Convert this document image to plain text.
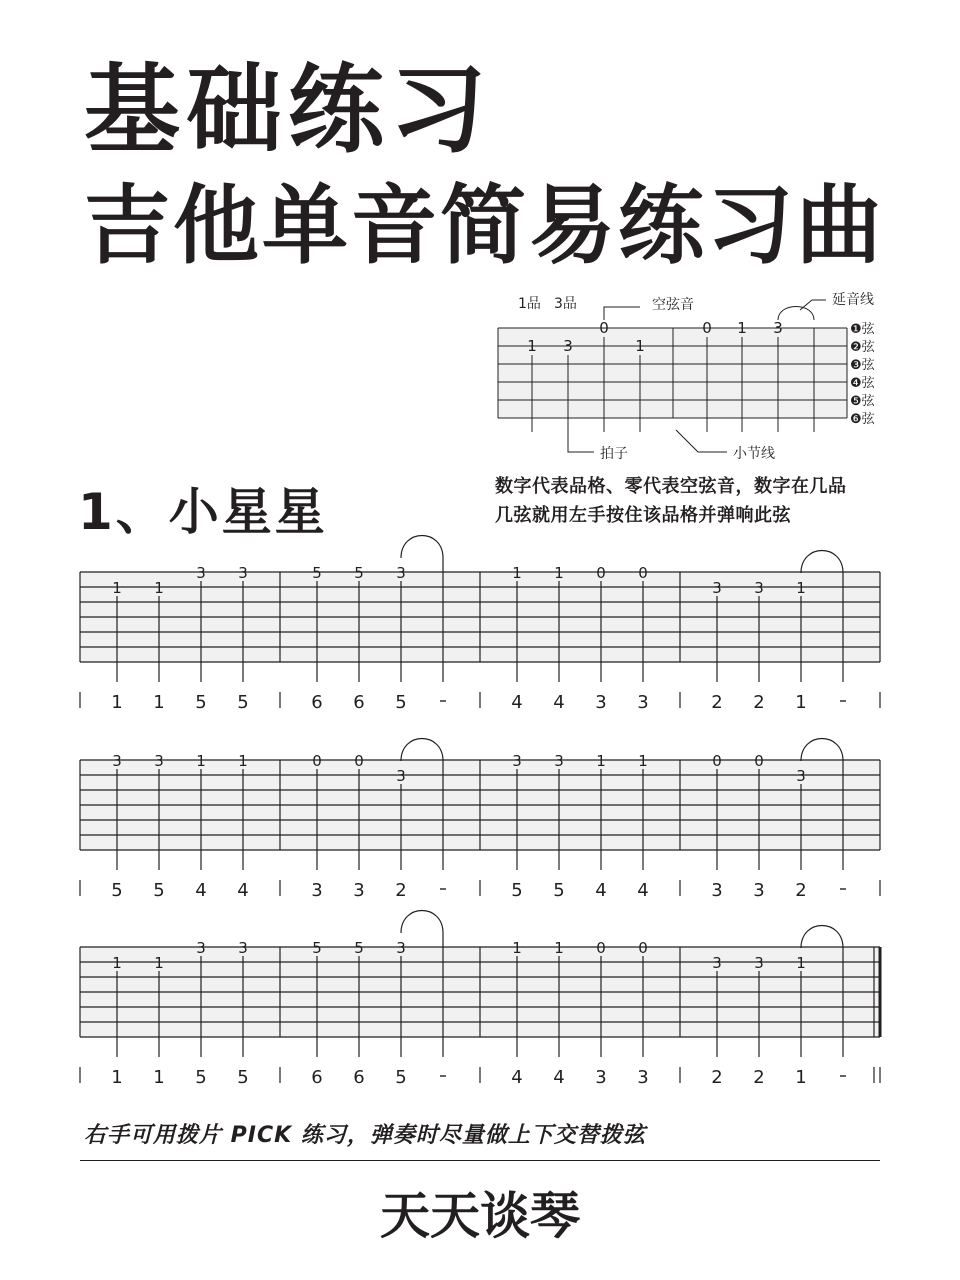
基础练习
吉他单音简易练习曲
1、小星星	数字代表品格、零代表空弦音，数字在几品
几弦就用左手按住该品格并弹响此弦
1 3
0
1
0 1 3
1品 3品	空弦音	延音线
拍子	小节线
❶弦
❷弦
❸弦
❹弦
❺弦
❻弦
1
1
1
1
3
5
3
5
5
6
5
6
3
5 -
1
4
1
4
0
3
0
3
3
2
3
2
1
1 -
3
5
3
5
1
4
1
4
0
3
0
3
3
2 -
3
5
3
5
1
4
1
4
0
3
0
3
3
2 -
1
1
1
1
3
5
3
5
5
6
5
6
3
5 -
1
4
1
4
0
3
0
3
3
2
3
2
1
1 -
右手可用拨片 PICK 练习，弹奏时尽量做上下交替拨弦
天天谈琴
